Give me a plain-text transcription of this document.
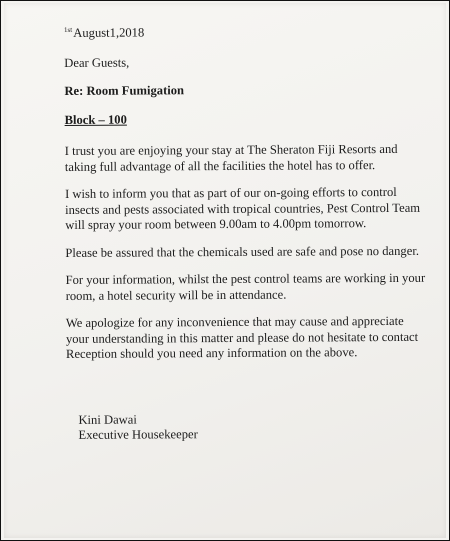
$^{1st}$August1,2018
Dear Guests,
Re: Room Fumigation
Block – 100

I trust you are enjoying your stay at The Sheraton Fiji Resorts and taking full advantage of all the facilities the hotel has to offer.

I wish to inform you that as part of our on-going efforts to control insects and pests associated with tropical countries, Pest Control Team will spray your room between 9.00am to 4.00pm tomorrow.

Please be assured that the chemicals used are safe and pose no danger.

For your information, whilst the pest control teams are working in your room, a hotel security will be in attendance.

We apologize for any inconvenience that may cause and appreciate your understanding in this matter and please do not hesitate to contact Reception should you need any information on the above.

Kini Dawai
Executive Housekeeper
